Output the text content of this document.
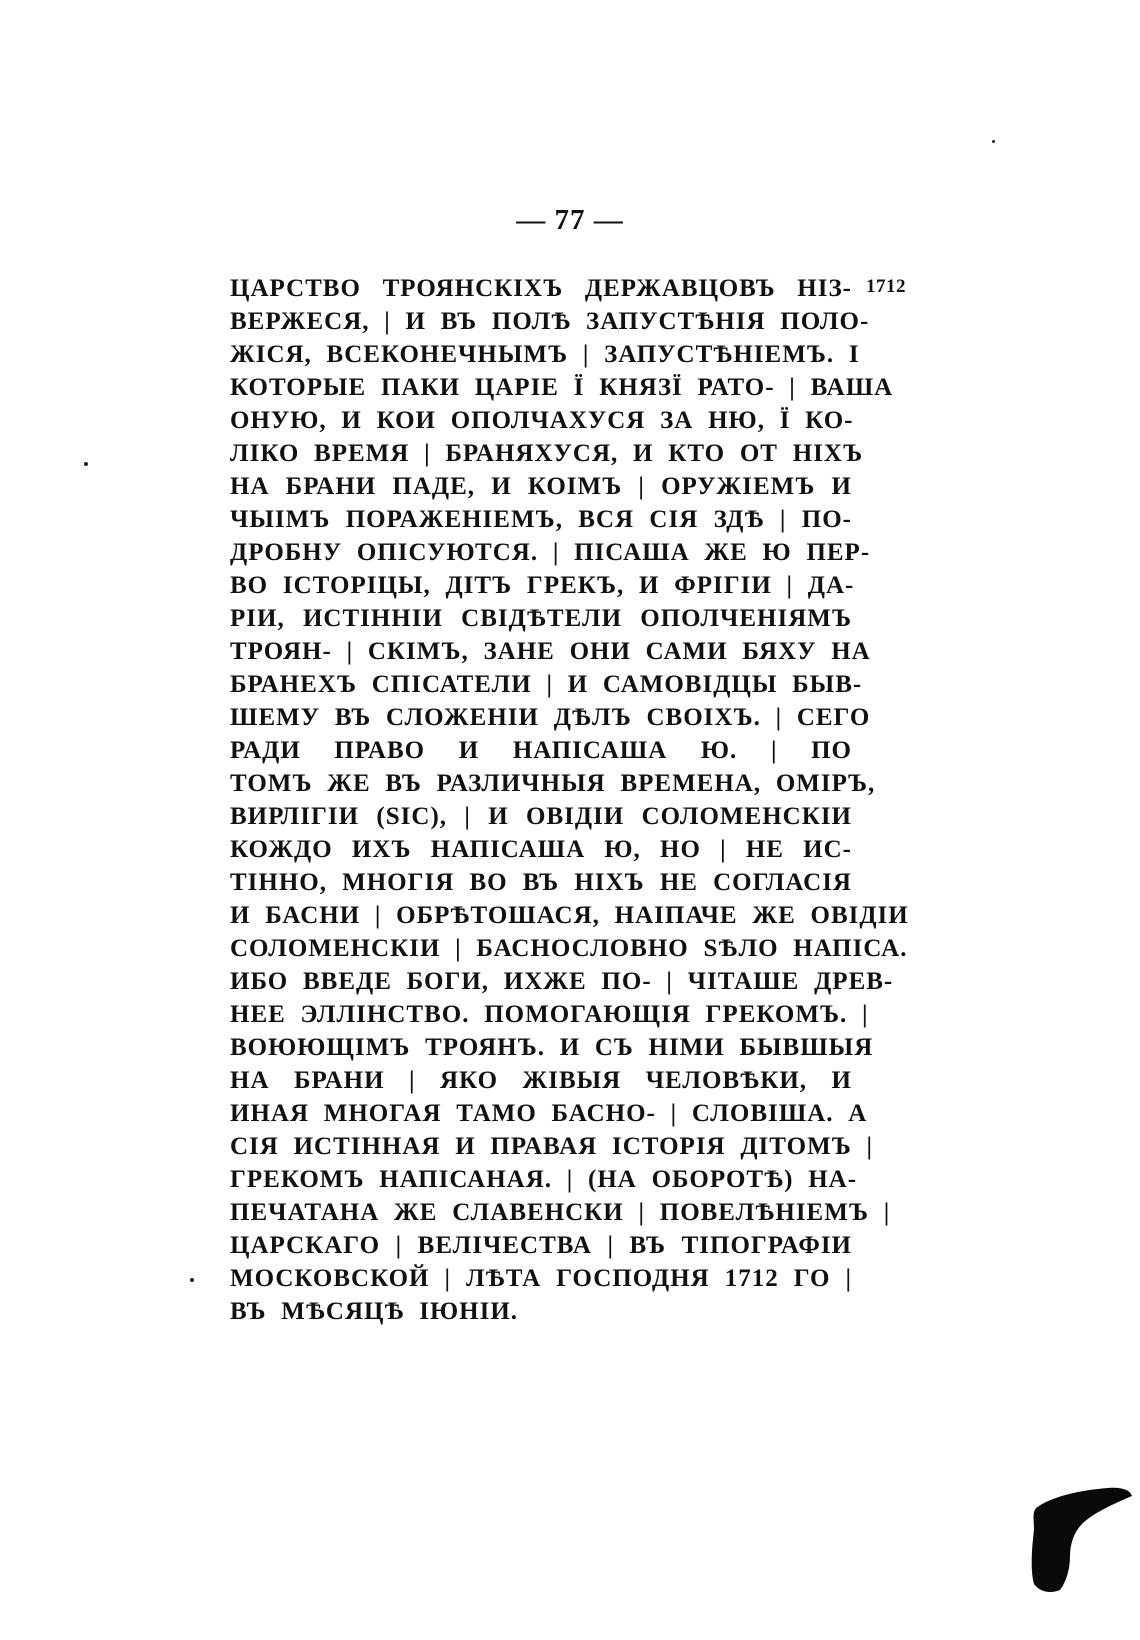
— 77 —
1712
ЦАРСТВО ТРОЯНСКIХЪ ДЕРЖАВЦОВЪ НIЗ-
ВЕРЖЕСЯ, | И ВЪ ПОЛѢ ЗАПУСТѢНIЯ ПОЛО-
ЖIСЯ, ВСЕКОНЕЧНЫМЪ | ЗАПУСТѢНIЕМЪ. I
КОТОРЫЕ ПАКИ ЦАРIЕ Ї КНЯЗЇ РАТО- | ВАША
ОНУЮ, И КОИ ОПОЛЧАХУСЯ ЗА НЮ, Ї КО-
ЛIКО ВРЕМЯ | БРАНЯХУСЯ, И КТО ОТ НIХЪ
НА БРАНИ ПАДЕ, И КОIМЪ | ОРУЖIЕМЪ И
ЧЫIМЪ ПОРАЖЕНIЕМЪ, ВСЯ СIЯ ЗДѢ | ПО-
ДРОБНУ ОПIСУЮТСЯ. | ПIСАША ЖЕ Ю ПЕР-
ВО IСТОРIЦЫ, ДIТЪ ГРЕКЪ, И ФРIГIИ | ДА-
РIИ, ИСТIННIИ СВIДѢТЕЛИ ОПОЛЧЕНIЯМЪ
ТРОЯН- | СКIМЪ, ЗАНЕ ОНИ САМИ БЯХУ НА
БРАНЕХЪ СПIСАТЕЛИ | И САМОВIДЦЫ БЫВ-
ШЕМУ ВЪ СЛОЖЕНIИ ДѢЛЪ СВОIХЪ. | СЕГО
РАДИ ПРАВО И НАПIСАША Ю. | ПО
ТОМЪ ЖЕ ВЪ РАЗЛИЧНЫЯ ВРЕМЕНА, ОМIРЪ,
ВИРЛIГIИ (SIC), | И ОВIДIИ СОЛОМЕНСКIИ
КОЖДО ИХЪ НАПIСАША Ю, НО | НЕ ИС-
ТIННО, МНОГIЯ ВО ВЪ НIХЪ НЕ СОГЛАСIЯ
И БАСНИ | ОБРѢТОШАСЯ, НАIПАЧЕ ЖЕ ОВIДIИ
СОЛОМЕНСКIИ | БАСНОСЛОВНО ЅѢЛО НАПIСА.
ИБО ВВЕДЕ БОГИ, ИХЖЕ ПО- | ЧIТАШЕ ДРЕВ-
НЕЕ ЭЛЛIНСТВО. ПОМОГАЮЩIЯ ГРЕКОМЪ. |
ВОЮЮЩIМЪ ТРОЯНЪ. И СЪ НIМИ БЫВШЫЯ
НА БРАНИ | ЯКО ЖIВЫЯ ЧЕЛОВѢКИ, И
ИНАЯ МНОГАЯ ТАМО БАСНО- | СЛОВIША. А
СIЯ ИСТIННАЯ И ПРАВАЯ IСТОРIЯ ДIТОМЪ |
ГРЕКОМЪ НАПIСАНАЯ. | (НА ОБОРОТѢ) НА-
ПЕЧАТАНА ЖЕ СЛАВЕНСКИ | ПОВЕЛѢНIЕМЪ |
ЦАРСКАГО | ВЕЛIЧЕСТВА | ВЪ ТIПОГРАФIИ
МОСКОВСКОЙ | ЛѢТА ГОСПОДНЯ 1712 ГО |
ВЪ МѢСЯЦѢ IЮНIИ.
